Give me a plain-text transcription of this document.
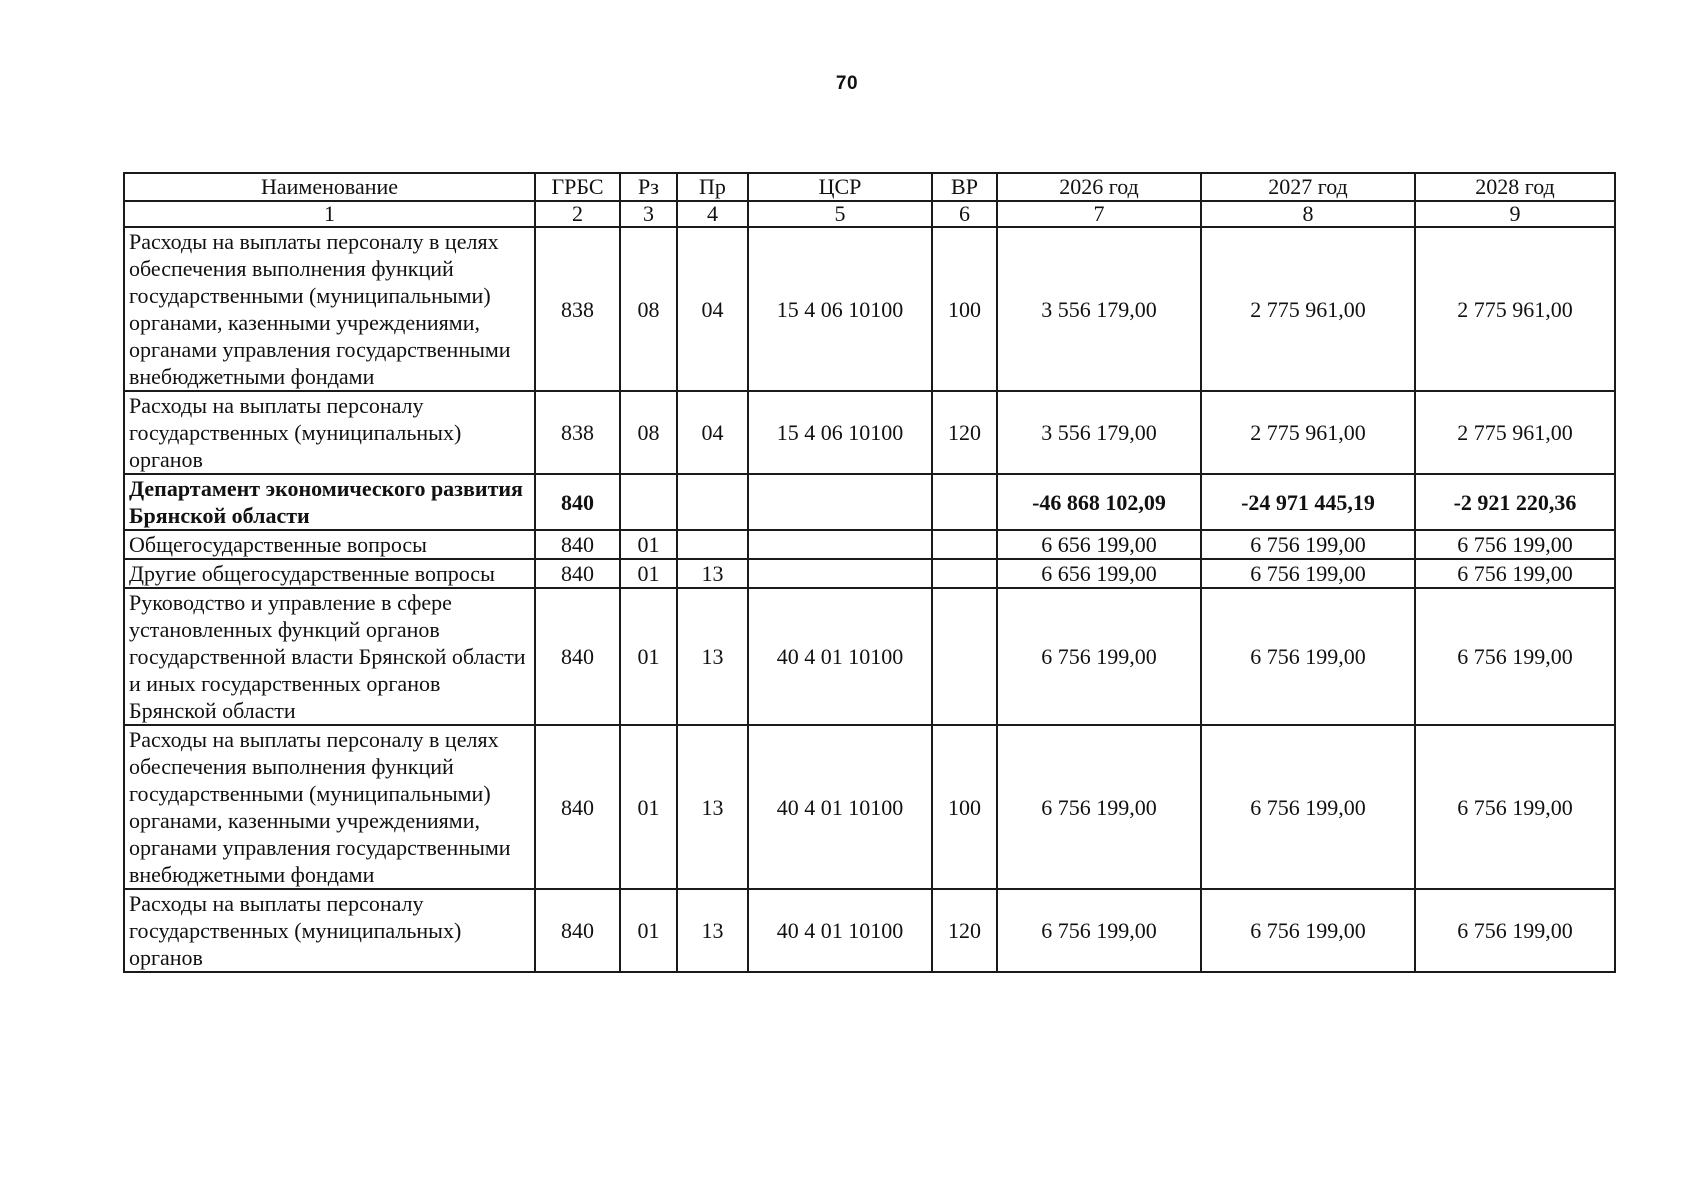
70
Наименование	ГРБС	Рз	Пр	ЦСР	ВР	2026 год	2027 год	2028 год
1	2	3	4	5	6	7	8	9
Расходы на выплаты персоналу в целях обеспечения выполнения функций государственными (муниципальными) органами, казенными учреждениями, органами управления государственными внебюджетными фондами	838	08	04	15 4 06 10100	100	3 556 179,00	2 775 961,00	2 775 961,00
Расходы на выплаты персоналу государственных (муниципальных) органов	838	08	04	15 4 06 10100	120	3 556 179,00	2 775 961,00	2 775 961,00
Департамент экономического развития Брянской области	840					-46 868 102,09	-24 971 445,19	-2 921 220,36
Общегосударственные вопросы	840	01				6 656 199,00	6 756 199,00	6 756 199,00
Другие общегосударственные вопросы	840	01	13			6 656 199,00	6 756 199,00	6 756 199,00
Руководство и управление в сфере установленных функций органов государственной власти Брянской области и иных государственных органов Брянской области	840	01	13	40 4 01 10100		6 756 199,00	6 756 199,00	6 756 199,00
Расходы на выплаты персоналу в целях обеспечения выполнения функций государственными (муниципальными) органами, казенными учреждениями, органами управления государственными внебюджетными фондами	840	01	13	40 4 01 10100	100	6 756 199,00	6 756 199,00	6 756 199,00
Расходы на выплаты персоналу государственных (муниципальных) органов	840	01	13	40 4 01 10100	120	6 756 199,00	6 756 199,00	6 756 199,00
